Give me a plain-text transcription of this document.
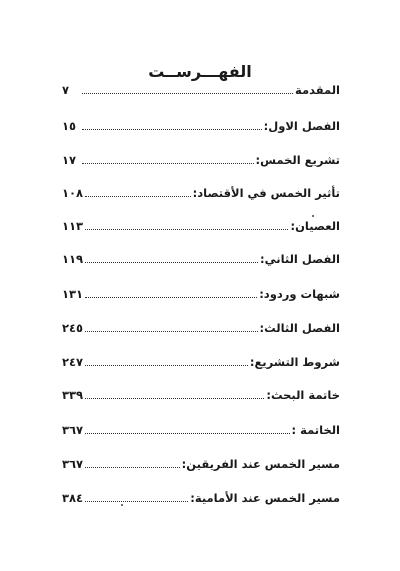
الفهـــرســت
المقدمة
٧
الفصل الاول:
١٥
تشريع الخمس:
١٧
تأثير الخمس في الأقتصاد:
١٠٨
العصيان:
١١٣
الفصل الثاني:
١١٩
شبهات وردود:
١٣١
الفصل الثالث:
٢٤٥
شروط التشريع:
٢٤٧
خاتمة البحث:
٣٣٩
الخاتمة :
٣٦٧
مسير الخمس عند الفريقين:
٣٦٧
مسير الخمس عند الأمامية:
٣٨٤
